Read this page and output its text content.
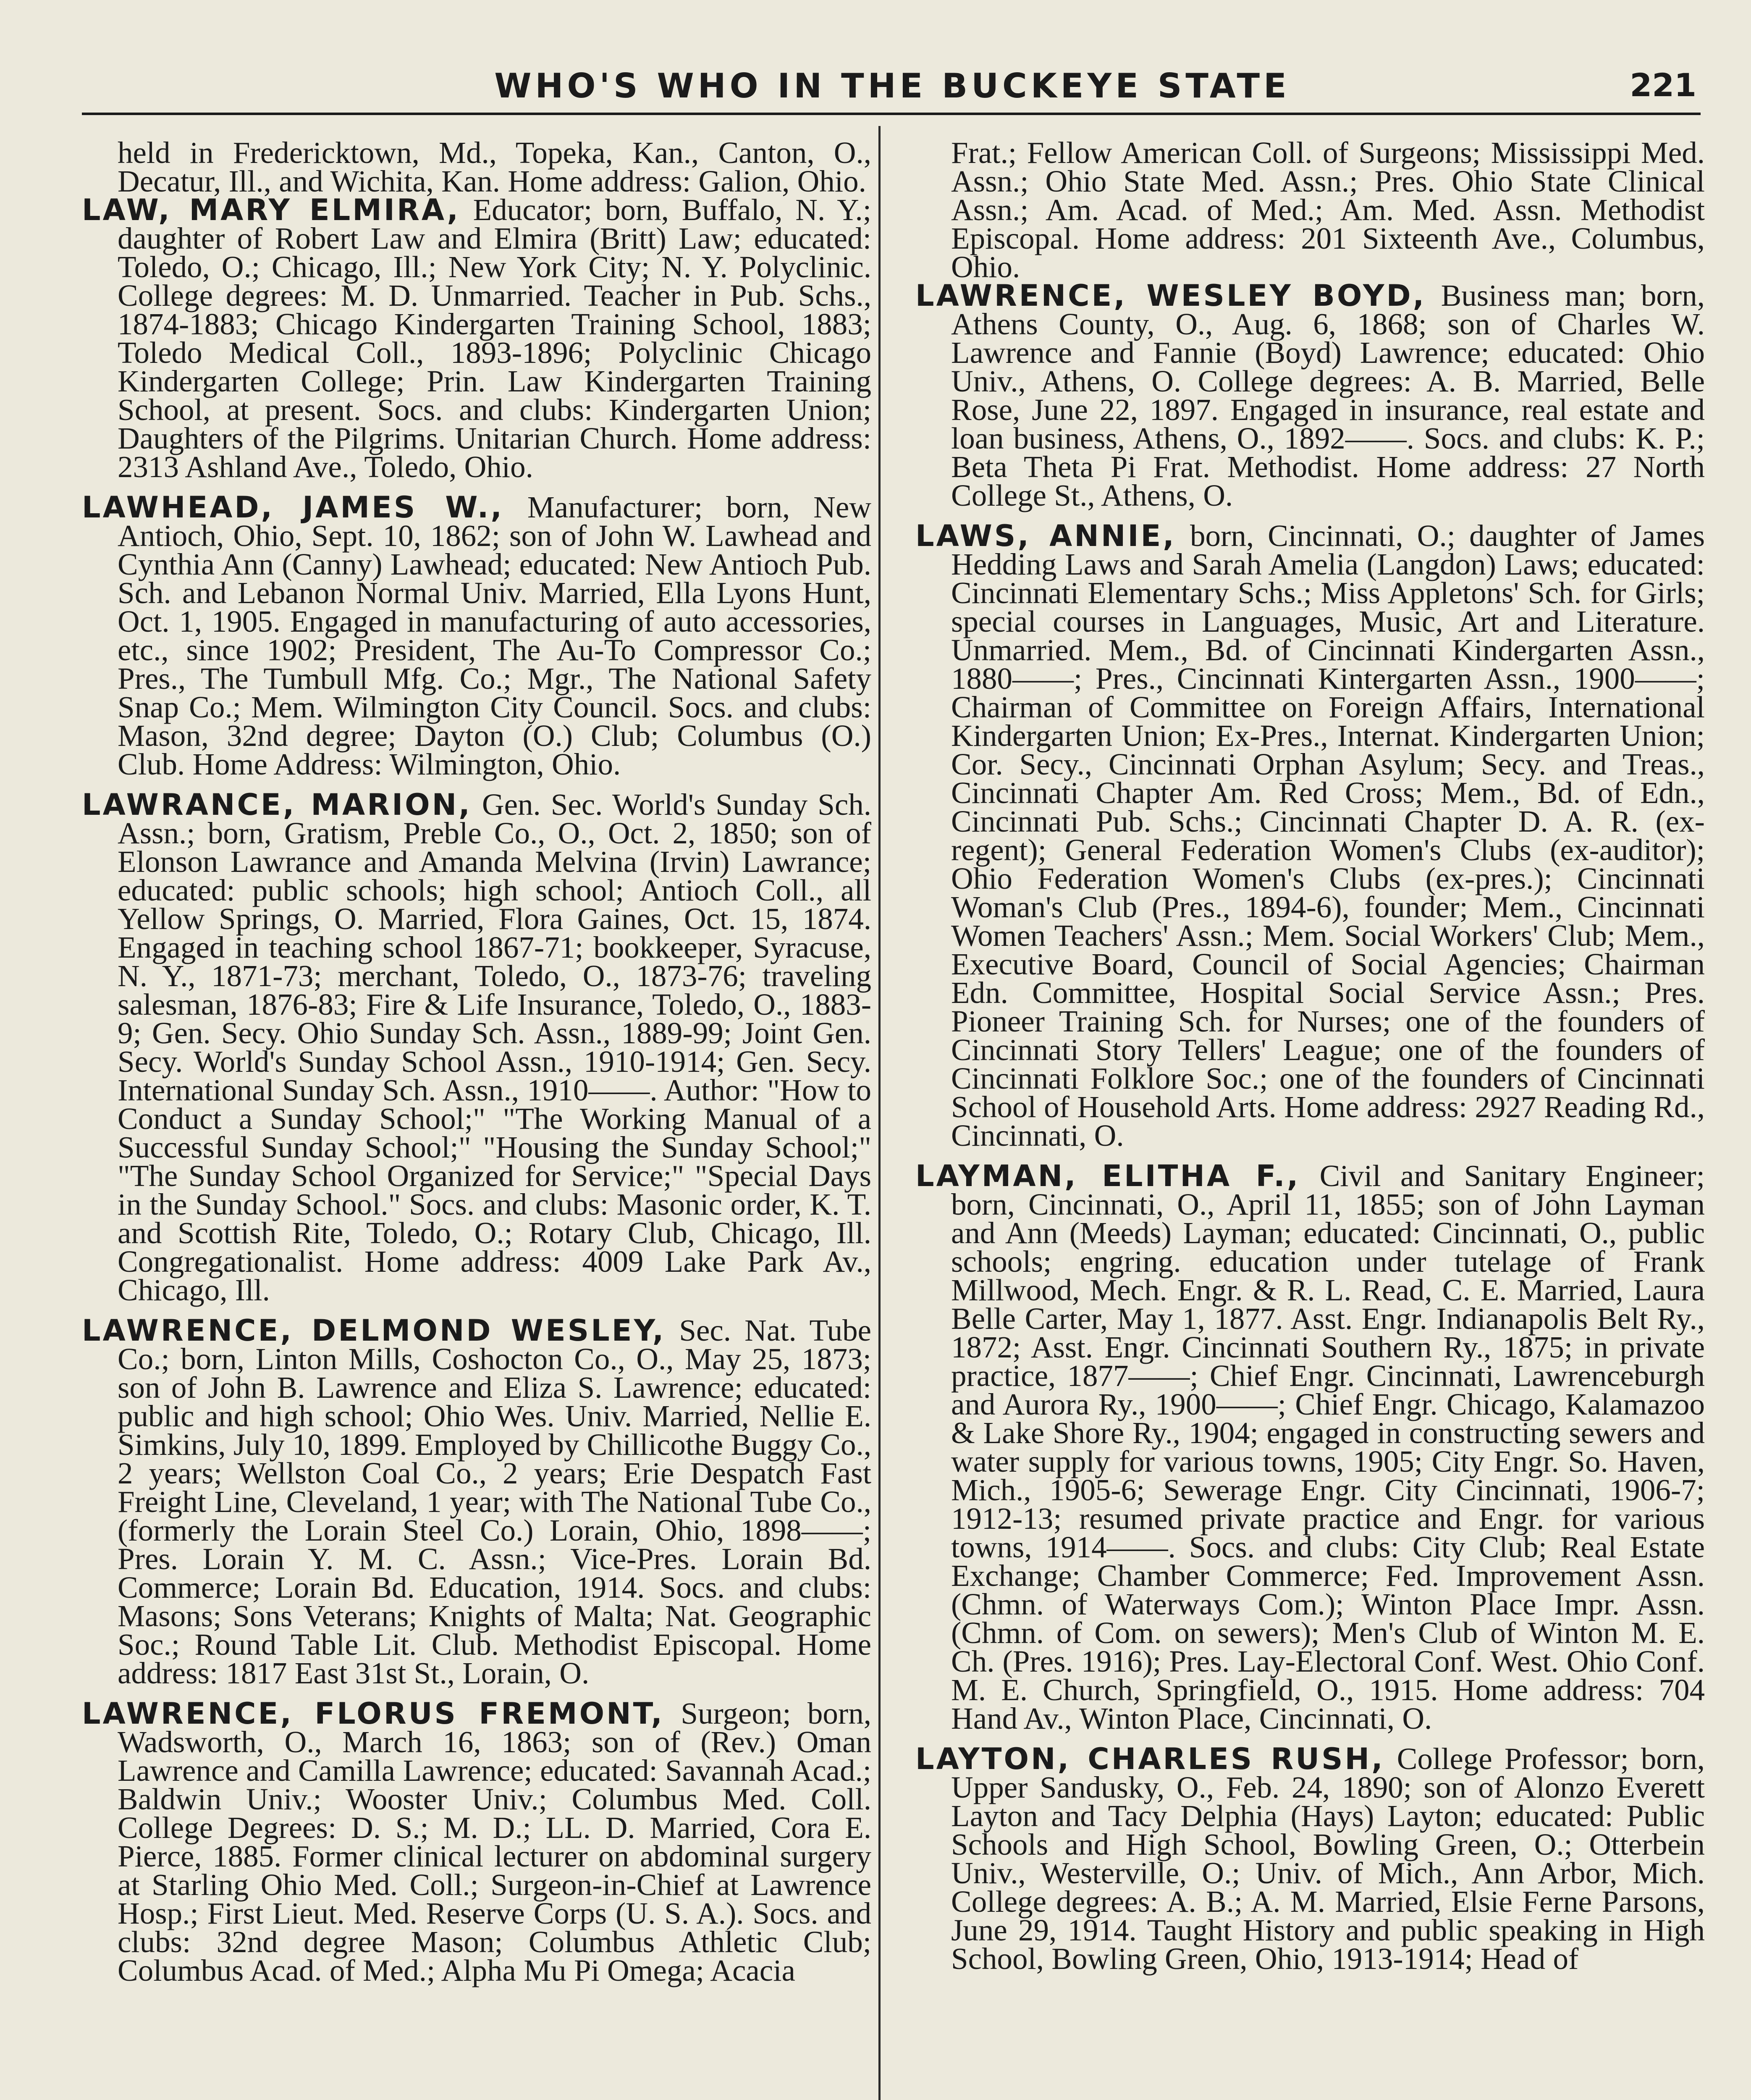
WHO'S WHO IN THE BUCKEYE STATE	221

held in Fredericktown, Md., Topeka, Kan., Canton, O., Decatur, Ill., and Wichita, Kan. Home address: Galion, Ohio.

LAW, MARY ELMIRA, Educator; born, Buffalo, N. Y.; daughter of Robert Law and Elmira (Britt) Law; educated: Toledo, O.; Chicago, Ill.; New York City; N. Y. Polyclinic. College degrees: M. D. Unmarried. Teacher in Pub. Schs., 1874-1883; Chicago Kindergarten Training School, 1883; Toledo Medical Coll., 1893-1896; Polyclinic Chicago Kindergarten College; Prin. Law Kindergarten Training School, at present. Socs. and clubs: Kindergarten Union; Daughters of the Pilgrims. Unitarian Church. Home address: 2313 Ashland Ave., Toledo, Ohio.

LAWHEAD, JAMES W., Manufacturer; born, New Antioch, Ohio, Sept. 10, 1862; son of John W. Lawhead and Cynthia Ann (Canny) Lawhead; educated: New Antioch Pub. Sch. and Lebanon Normal Univ. Married, Ella Lyons Hunt, Oct. 1, 1905. Engaged in manufacturing of auto accessories, etc., since 1902; President, The Au-To Compressor Co.; Pres., The Tumbull Mfg. Co.; Mgr., The National Safety Snap Co.; Mem. Wilmington City Council. Socs. and clubs: Mason, 32nd degree; Dayton (O.) Club; Columbus (O.) Club. Home Address: Wilmington, Ohio.

LAWRANCE, MARION, Gen. Sec. World's Sunday Sch. Assn.; born, Gratism, Preble Co., O., Oct. 2, 1850; son of Elonson Lawrance and Amanda Melvina (Irvin) Lawrance; educated: public schools; high school; Antioch Coll., all Yellow Springs, O. Married, Flora Gaines, Oct. 15, 1874. Engaged in teaching school 1867-71; bookkeeper, Syracuse, N. Y., 1871-73; merchant, Toledo, O., 1873-76; traveling salesman, 1876-83; Fire & Life Insurance, Toledo, O., 1883-9; Gen. Secy. Ohio Sunday Sch. Assn., 1889-99; Joint Gen. Secy. World's Sunday School Assn., 1910-1914; Gen. Secy. International Sunday Sch. Assn., 1910——. Author: "How to Conduct a Sunday School;" "The Working Manual of a Successful Sunday School;" "Housing the Sunday School;" "The Sunday School Organized for Service;" "Special Days in the Sunday School." Socs. and clubs: Masonic order, K. T. and Scottish Rite, Toledo, O.; Rotary Club, Chicago, Ill. Congregationalist. Home address: 4009 Lake Park Av., Chicago, Ill.

LAWRENCE, DELMOND WESLEY, Sec. Nat. Tube Co.; born, Linton Mills, Coshocton Co., O., May 25, 1873; son of John B. Lawrence and Eliza S. Lawrence; educated: public and high school; Ohio Wes. Univ. Married, Nellie E. Simkins, July 10, 1899. Employed by Chillicothe Buggy Co., 2 years; Wellston Coal Co., 2 years; Erie Despatch Fast Freight Line, Cleveland, 1 year; with The National Tube Co., (formerly the Lorain Steel Co.) Lorain, Ohio, 1898——; Pres. Lorain Y. M. C. Assn.; Vice-Pres. Lorain Bd. Commerce; Lorain Bd. Education, 1914. Socs. and clubs: Masons; Sons Veterans; Knights of Malta; Nat. Geographic Soc.; Round Table Lit. Club. Methodist Episcopal. Home address: 1817 East 31st St., Lorain, O.

LAWRENCE, FLORUS FREMONT, Surgeon; born, Wadsworth, O., March 16, 1863; son of (Rev.) Oman Lawrence and Camilla Lawrence; educated: Savannah Acad.; Baldwin Univ.; Wooster Univ.; Columbus Med. Coll. College Degrees: D. S.; M. D.; LL. D. Married, Cora E. Pierce, 1885. Former clinical lecturer on abdominal surgery at Starling Ohio Med. Coll.; Surgeon-in-Chief at Lawrence Hosp.; First Lieut. Med. Reserve Corps (U. S. A.). Socs. and clubs: 32nd degree Mason; Columbus Athletic Club; Columbus Acad. of Med.; Alpha Mu Pi Omega; Acacia

Frat.; Fellow American Coll. of Surgeons; Mississippi Med. Assn.; Ohio State Med. Assn.; Pres. Ohio State Clinical Assn.; Am. Acad. of Med.; Am. Med. Assn. Methodist Episcopal. Home address: 201 Sixteenth Ave., Columbus, Ohio.

LAWRENCE, WESLEY BOYD, Business man; born, Athens County, O., Aug. 6, 1868; son of Charles W. Lawrence and Fannie (Boyd) Lawrence; educated: Ohio Univ., Athens, O. College degrees: A. B. Married, Belle Rose, June 22, 1897. Engaged in insurance, real estate and loan business, Athens, O., 1892——. Socs. and clubs: K. P.; Beta Theta Pi Frat. Methodist. Home address: 27 North College St., Athens, O.

LAWS, ANNIE, born, Cincinnati, O.; daughter of James Hedding Laws and Sarah Amelia (Langdon) Laws; educated: Cincinnati Elementary Schs.; Miss Appletons' Sch. for Girls; special courses in Languages, Music, Art and Literature. Unmarried. Mem., Bd. of Cincinnati Kindergarten Assn., 1880——; Pres., Cincinnati Kintergarten Assn., 1900——; Chairman of Committee on Foreign Affairs, International Kindergarten Union; Ex-Pres., Internat. Kindergarten Union; Cor. Secy., Cincinnati Orphan Asylum; Secy. and Treas., Cincinnati Chapter Am. Red Cross; Mem., Bd. of Edn., Cincinnati Pub. Schs.; Cincinnati Chapter D. A. R. (ex-regent); General Federation Women's Clubs (ex-auditor); Ohio Federation Women's Clubs (ex-pres.); Cincinnati Woman's Club (Pres., 1894-6), founder; Mem., Cincinnati Women Teachers' Assn.; Mem. Social Workers' Club; Mem., Executive Board, Council of Social Agencies; Chairman Edn. Committee, Hospital Social Service Assn.; Pres. Pioneer Training Sch. for Nurses; one of the founders of Cincinnati Story Tellers' League; one of the founders of Cincinnati Folklore Soc.; one of the founders of Cincinnati School of Household Arts. Home address: 2927 Reading Rd., Cincinnati, O.

LAYMAN, ELITHA F., Civil and Sanitary Engineer; born, Cincinnati, O., April 11, 1855; son of John Layman and Ann (Meeds) Layman; educated: Cincinnati, O., public schools; engring. education under tutelage of Frank Millwood, Mech. Engr. & R. L. Read, C. E. Married, Laura Belle Carter, May 1, 1877. Asst. Engr. Indianapolis Belt Ry., 1872; Asst. Engr. Cincinnati Southern Ry., 1875; in private practice, 1877——; Chief Engr. Cincinnati, Lawrenceburgh and Aurora Ry., 1900——; Chief Engr. Chicago, Kalamazoo & Lake Shore Ry., 1904; engaged in constructing sewers and water supply for various towns, 1905; City Engr. So. Haven, Mich., 1905-6; Sewerage Engr. City Cincinnati, 1906-7; 1912-13; resumed private practice and Engr. for various towns, 1914——. Socs. and clubs: City Club; Real Estate Exchange; Chamber Commerce; Fed. Improvement Assn. (Chmn. of Waterways Com.); Winton Place Impr. Assn. (Chmn. of Com. on sewers); Men's Club of Winton M. E. Ch. (Pres. 1916); Pres. Lay-Electoral Conf. West. Ohio Conf. M. E. Church, Springfield, O., 1915. Home address: 704 Hand Av., Winton Place, Cincinnati, O.

LAYTON, CHARLES RUSH, College Professor; born, Upper Sandusky, O., Feb. 24, 1890; son of Alonzo Everett Layton and Tacy Delphia (Hays) Layton; educated: Public Schools and High School, Bowling Green, O.; Otterbein Univ., Westerville, O.; Univ. of Mich., Ann Arbor, Mich. College degrees: A. B.; A. M. Married, Elsie Ferne Parsons, June 29, 1914. Taught History and public speaking in High School, Bowling Green, Ohio, 1913-1914; Head of
